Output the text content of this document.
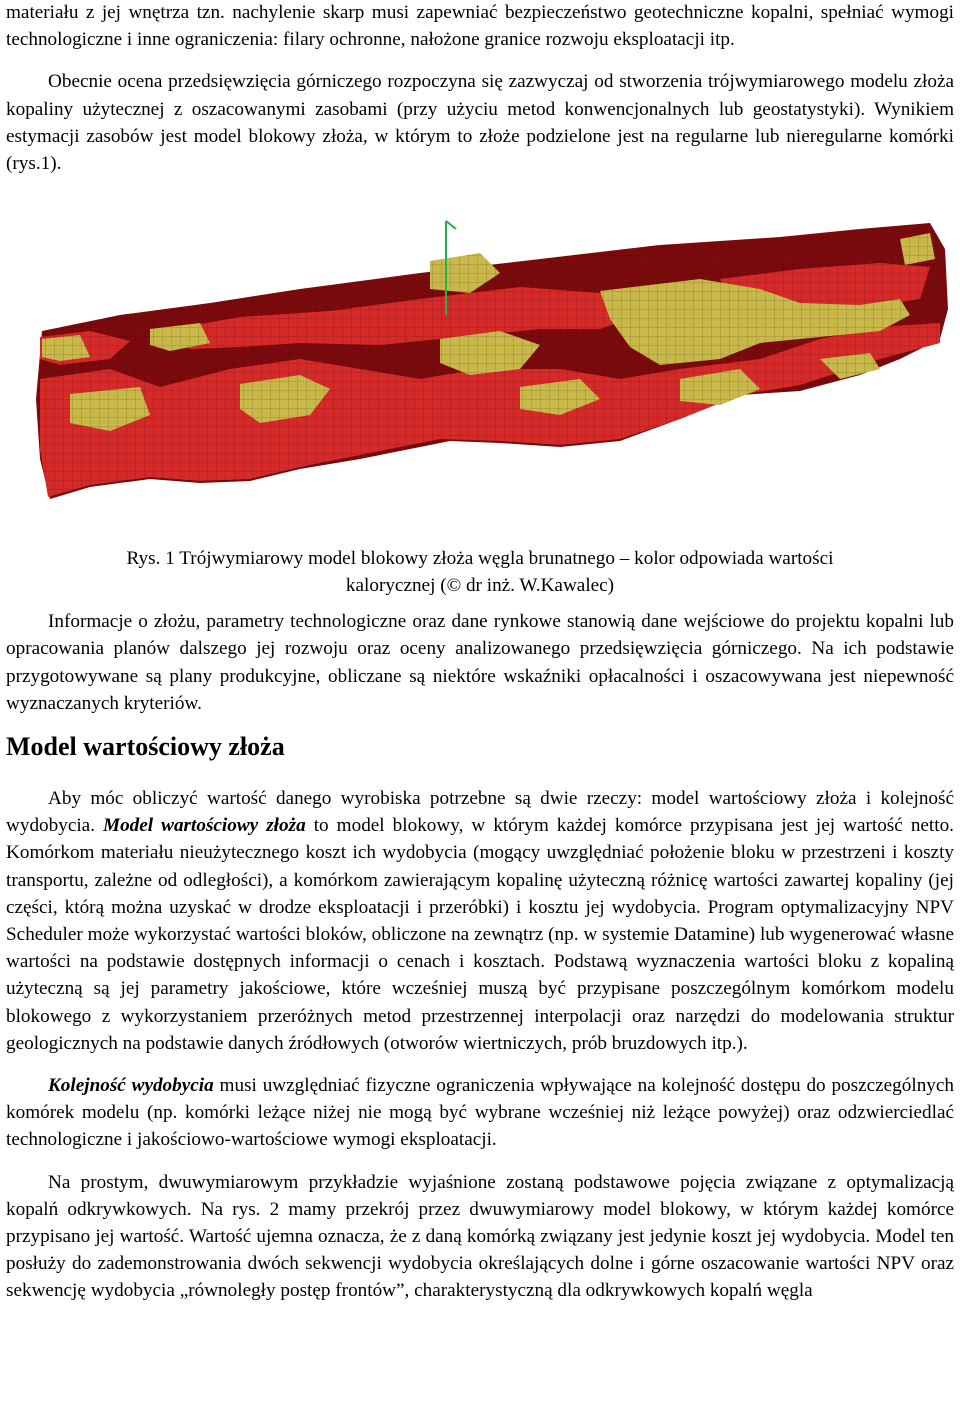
materiału z jej wnętrza tzn. nachylenie skarp musi zapewniać bezpieczeństwo geotechniczne kopalni, spełniać wymogi technologiczne i inne ograniczenia: filary ochronne, nałożone granice rozwoju eksploatacji itp.

Obecnie ocena przedsięwzięcia górniczego rozpoczyna się zazwyczaj od stworzenia trójwymiarowego modelu złoża kopaliny użytecznej z oszacowanymi zasobami (przy użyciu metod konwencjonalnych lub geostatystyki). Wynikiem estymacji zasobów jest model blokowy złoża, w którym to złoże podzielone jest na regularne lub nieregularne komórki (rys.1).

Rys. 1 Trójwymiarowy model blokowy złoża węgla brunatnego – kolor odpowiada wartości
kalorycznej (© dr inż. W.Kawalec)

Informacje o złożu, parametry technologiczne oraz dane rynkowe stanowią dane wejściowe do projektu kopalni lub opracowania planów dalszego jej rozwoju oraz oceny analizowanego przedsięwzięcia górniczego. Na ich podstawie przygotowywane są plany produkcyjne, obliczane są niektóre wskaźniki opłacalności i oszacowywana jest niepewność wyznaczanych kryteriów.

Model wartościowy złoża

Aby móc obliczyć wartość danego wyrobiska potrzebne są dwie rzeczy: model wartościowy złoża i kolejność wydobycia. Model wartościowy złoża to model blokowy, w którym każdej komórce przypisana jest jej wartość netto. Komórkom materiału nieużytecznego koszt ich wydobycia (mogący uwzględniać położenie bloku w przestrzeni i koszty transportu, zależne od odległości), a komórkom zawierającym kopalinę użyteczną różnicę wartości zawartej kopaliny (jej części, którą można uzyskać w drodze eksploatacji i przeróbki) i kosztu jej wydobycia. Program optymalizacyjny NPV Scheduler może wykorzystać wartości bloków, obliczone na zewnątrz (np. w systemie Datamine) lub wygenerować własne wartości na podstawie dostępnych informacji o cenach i kosztach. Podstawą wyznaczenia wartości bloku z kopaliną użyteczną są jej parametry jakościowe, które wcześniej muszą być przypisane poszczególnym komórkom modelu blokowego z wykorzystaniem przeróżnych metod przestrzennej interpolacji oraz narzędzi do modelowania struktur geologicznych na podstawie danych źródłowych (otworów wiertniczych, prób bruzdowych itp.).

Kolejność wydobycia musi uwzględniać fizyczne ograniczenia wpływające na kolejność dostępu do poszczególnych komórek modelu (np. komórki leżące niżej nie mogą być wybrane wcześniej niż leżące powyżej) oraz odzwierciedlać technologiczne i jakościowo-wartościowe wymogi eksploatacji.

Na prostym, dwuwymiarowym przykładzie wyjaśnione zostaną podstawowe pojęcia związane z optymalizacją kopalń odkrywkowych. Na rys. 2 mamy przekrój przez dwuwymiarowy model blokowy, w którym każdej komórce przypisano jej wartość. Wartość ujemna oznacza, że z daną komórką związany jest jedynie koszt jej wydobycia. Model ten posłuży do zademonstrowania dwóch sekwencji wydobycia określających dolne i górne oszacowanie wartości NPV oraz sekwencję wydobycia „równoległy postęp frontów”, charakterystyczną dla odkrywkowych kopalń węgla
